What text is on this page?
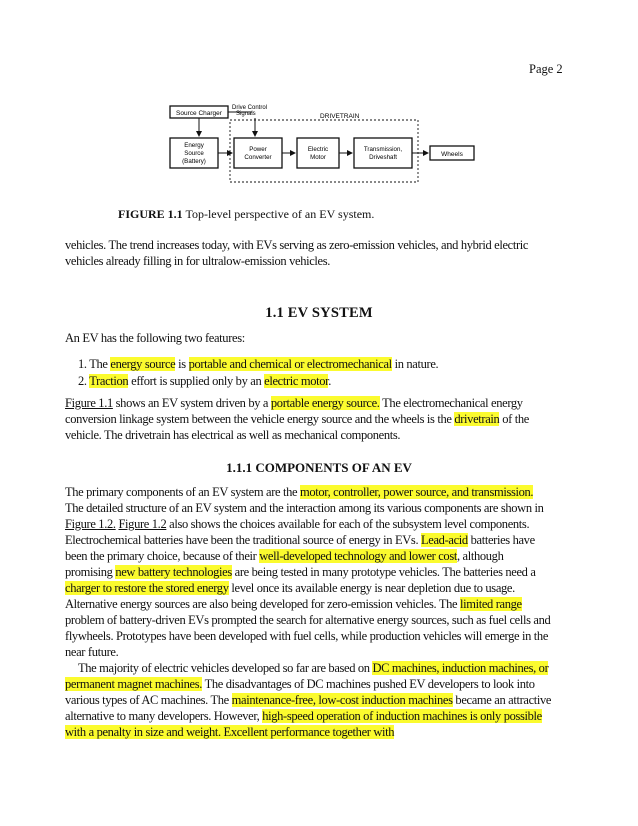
Page 2
Source Charger
Drive Control
Signals	DRIVETRAIN
Energy
Source
(Battery)
Power
Converter
Electric
Motor
Transmission,
Driveshaft	Wheels
FIGURE 1.1 Top-level perspective of an EV system.
vehicles. The trend increases today, with EVs serving as zero-emission vehicles, and hybrid electric
vehicles already filling in for ultralow-emission vehicles.
1.1 EV SYSTEM
An EV has the following two features:
1. The energy source is portable and chemical or electromechanical in nature.
2. Traction effort is supplied only by an electric motor.
Figure 1.1 shows an EV system driven by a portable energy source. The electromechanical energy
conversion linkage system between the vehicle energy source and the wheels is the drivetrain of the
vehicle. The drivetrain has electrical as well as mechanical components.
1.1.1 COMPONENTS OF AN EV
The primary components of an EV system are the motor, controller, power source, and transmission.
The detailed structure of an EV system and the interaction among its various components are shown in
Figure 1.2. Figure 1.2 also shows the choices available for each of the subsystem level components.
Electrochemical batteries have been the traditional source of energy in EVs. Lead-acid batteries have
been the primary choice, because of their well-developed technology and lower cost, although
promising new battery technologies are being tested in many prototype vehicles. The batteries need a
charger to restore the stored energy level once its available energy is near depletion due to usage.
Alternative energy sources are also being developed for zero-emission vehicles. The limited range
problem of battery-driven EVs prompted the search for alternative energy sources, such as fuel cells and
flywheels. Prototypes have been developed with fuel cells, while production vehicles will emerge in the
near future.
The majority of electric vehicles developed so far are based on DC machines, induction machines, or
permanent magnet machines. The disadvantages of DC machines pushed EV developers to look into
various types of AC machines. The maintenance-free, low-cost induction machines became an attractive
alternative to many developers. However, high-speed operation of induction machines is only possible
with a penalty in size and weight. Excellent performance together with
